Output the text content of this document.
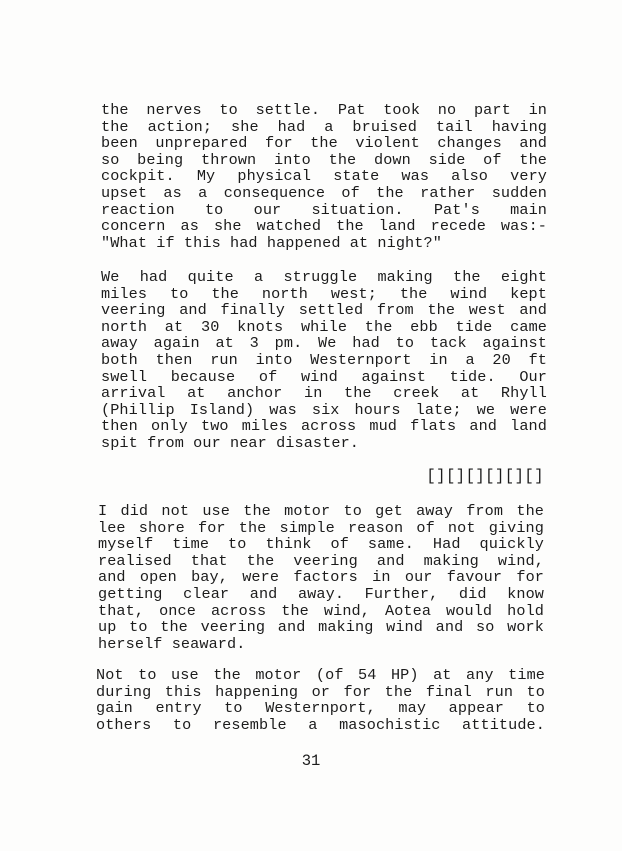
the nerves to settle. Pat took no part in
the action; she had a bruised tail having
been unprepared for the violent changes and
so being thrown into the down side of the
cockpit. My physical state was also very
upset as a consequence of the rather sudden
reaction to our situation. Pat's main
concern as she watched the land recede was:-
"What if this had happened at night?"
We had quite a struggle making the eight
miles to the north west; the wind kept
veering and finally settled from the west and
north at 30 knots while the ebb tide came
away again at 3 pm. We had to tack against
both then run into Westernport in a 20 ft
swell because of wind against tide. Our
arrival at anchor in the creek at Rhyll
(Phillip Island) was six hours late; we were
then only two miles across mud flats and land
spit from our near disaster.
[][][][][][]
I did not use the motor to get away from the
lee shore for the simple reason of not giving
myself time to think of same. Had quickly
realised that the veering and making wind,
and open bay, were factors in our favour for
getting clear and away. Further, did know
that, once across the wind, Aotea would hold
up to the veering and making wind and so work
herself seaward.
Not to use the motor (of 54 HP) at any time
during this happening or for the final run to
gain entry to Westernport, may appear to
others to resemble a masochistic attitude.
31
